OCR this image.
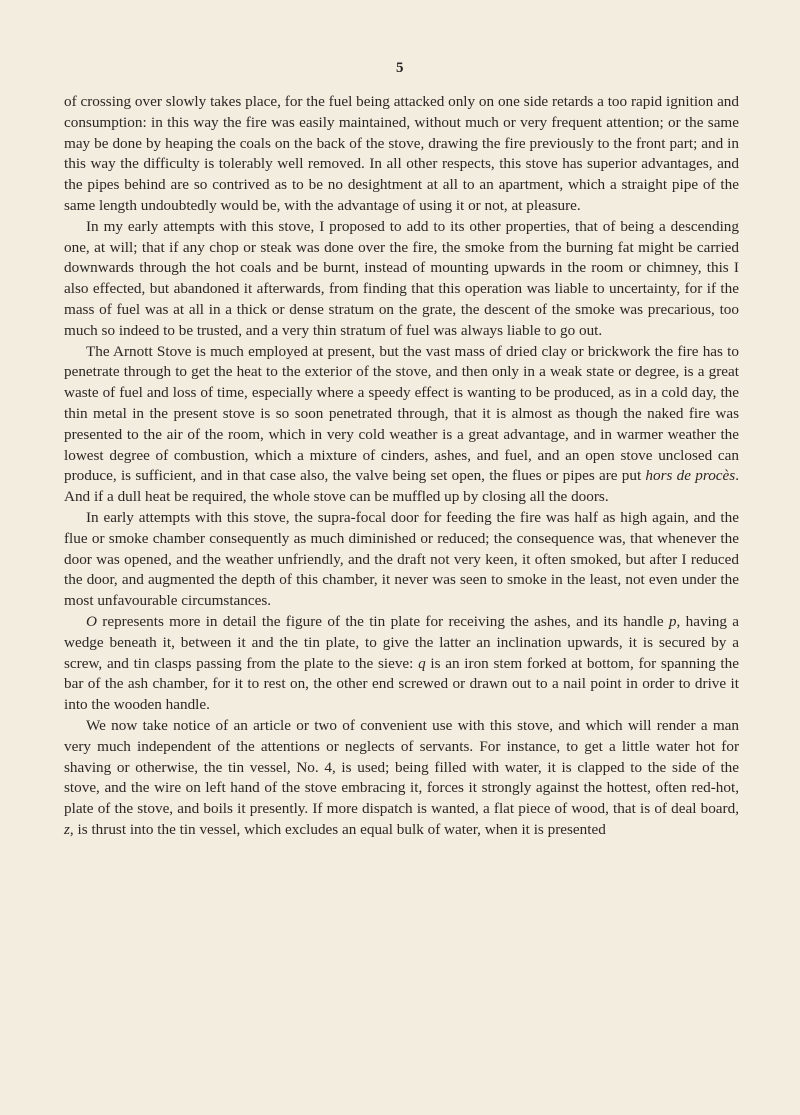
5

of crossing over slowly takes place, for the fuel being attacked only on one side retards a too rapid ignition and consumption: in this way the fire was easily maintained, without much or very frequent attention; or the same may be done by heaping the coals on the back of the stove, drawing the fire previously to the front part; and in this way the difficulty is tolerably well removed. In all other respects, this stove has superior advantages, and the pipes behind are so contrived as to be no desightment at all to an apartment, which a straight pipe of the same length undoubtedly would be, with the advantage of using it or not, at pleasure.

In my early attempts with this stove, I proposed to add to its other properties, that of being a descending one, at will; that if any chop or steak was done over the fire, the smoke from the burning fat might be carried downwards through the hot coals and be burnt, instead of mounting upwards in the room or chimney, this I also effected, but abandoned it afterwards, from finding that this operation was liable to uncertainty, for if the mass of fuel was at all in a thick or dense stratum on the grate, the descent of the smoke was precarious, too much so indeed to be trusted, and a very thin stratum of fuel was always liable to go out.

The Arnott Stove is much employed at present, but the vast mass of dried clay or brickwork the fire has to penetrate through to get the heat to the exterior of the stove, and then only in a weak state or degree, is a great waste of fuel and loss of time, especially where a speedy effect is wanting to be produced, as in a cold day, the thin metal in the present stove is so soon penetrated through, that it is almost as though the naked fire was presented to the air of the room, which in very cold weather is a great advantage, and in warmer weather the lowest degree of combustion, which a mixture of cinders, ashes, and fuel, and an open stove unclosed can produce, is sufficient, and in that case also, the valve being set open, the flues or pipes are put hors de procès. And if a dull heat be required, the whole stove can be muffled up by closing all the doors.

In early attempts with this stove, the supra-focal door for feeding the fire was half as high again, and the flue or smoke chamber consequently as much diminished or reduced; the consequence was, that whenever the door was opened, and the weather unfriendly, and the draft not very keen, it often smoked, but after I reduced the door, and augmented the depth of this chamber, it never was seen to smoke in the least, not even under the most unfavourable circumstances.

O represents more in detail the figure of the tin plate for receiving the ashes, and its handle p, having a wedge beneath it, between it and the tin plate, to give the latter an inclination upwards, it is secured by a screw, and tin clasps passing from the plate to the sieve: q is an iron stem forked at bottom, for spanning the bar of the ash chamber, for it to rest on, the other end screwed or drawn out to a nail point in order to drive it into the wooden handle.

We now take notice of an article or two of convenient use with this stove, and which will render a man very much independent of the attentions or neglects of servants. For instance, to get a little water hot for shaving or otherwise, the tin vessel, No. 4, is used; being filled with water, it is clapped to the side of the stove, and the wire on left hand of the stove embracing it, forces it strongly against the hottest, often red-hot, plate of the stove, and boils it presently. If more dispatch is wanted, a flat piece of wood, that is of deal board, z, is thrust into the tin vessel, which excludes an equal bulk of water, when it is presented
